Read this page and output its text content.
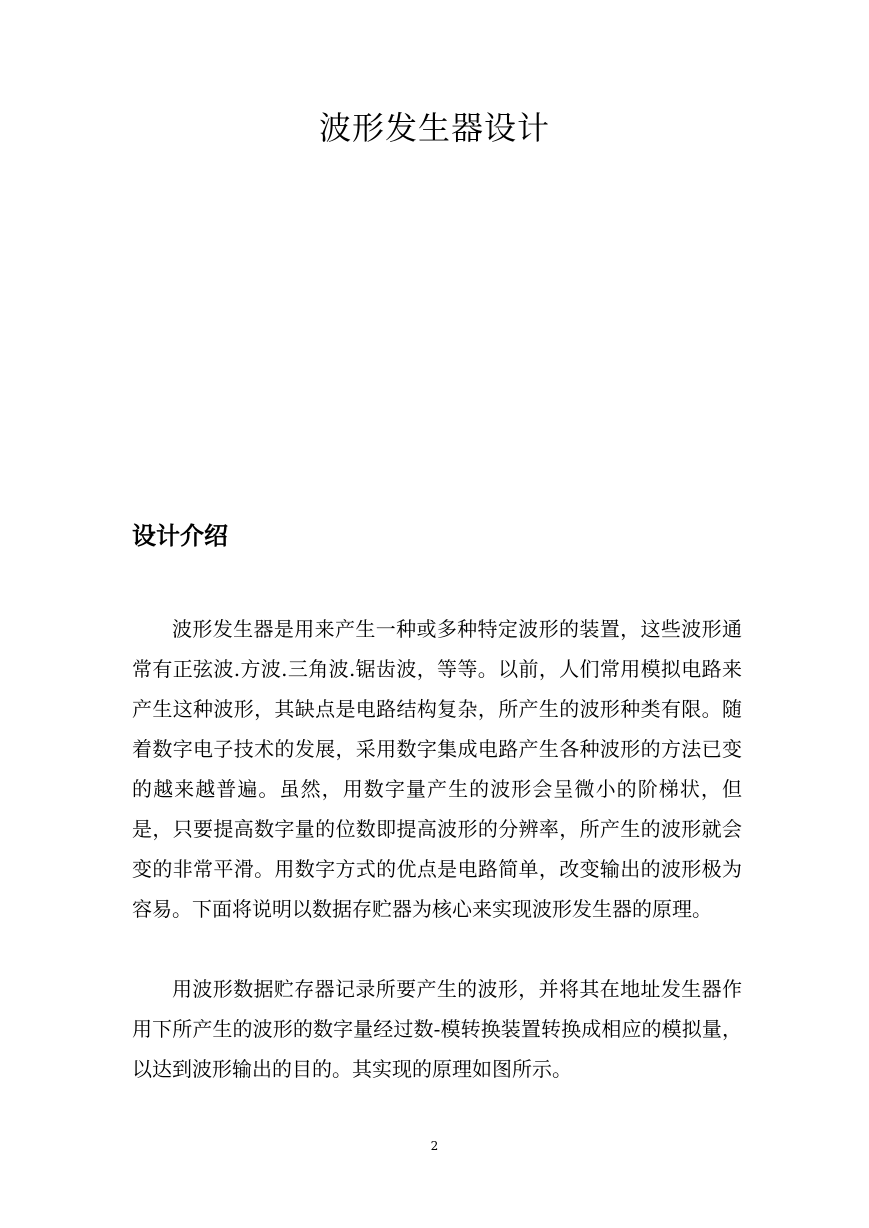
波形发生器设计
设计介绍

波形发生器是用来产生一种或多种特定波形的装置，这些波形通常有正弦波.方波.三角波.锯齿波，等等。以前，人们常用模拟电路来产生这种波形，其缺点是电路结构复杂，所产生的波形种类有限。随着数字电子技术的发展，采用数字集成电路产生各种波形的方法已变的越来越普遍。虽然，用数字量产生的波形会呈微小的阶梯状，但是，只要提高数字量的位数即提高波形的分辨率，所产生的波形就会变的非常平滑。用数字方式的优点是电路简单，改变输出的波形极为容易。下面将说明以数据存贮器为核心来实现波形发生器的原理。

用波形数据贮存器记录所要产生的波形，并将其在地址发生器作用下所产生的波形的数字量经过数-模转换装置转换成相应的模拟量，以达到波形输出的目的。其实现的原理如图所示。

2
